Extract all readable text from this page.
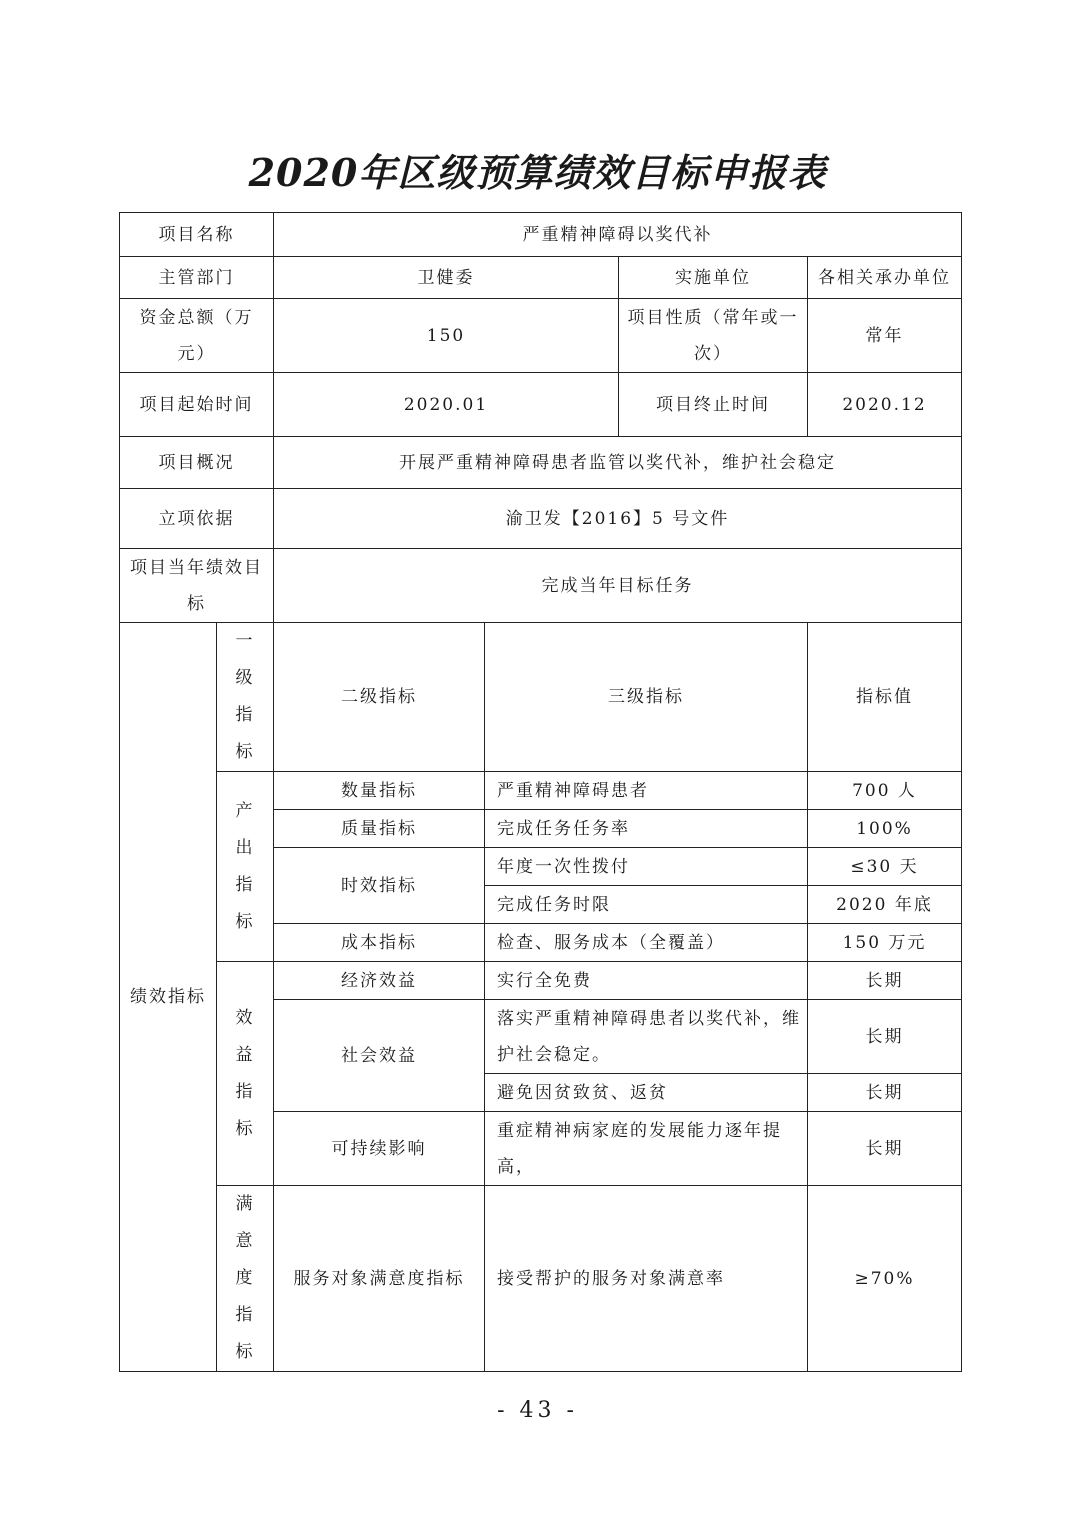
2020年区级预算绩效目标申报表
项目名称		严重精神障碍以奖代补			
主管部门		卫健委		实施单位	各相关承办单位
资金总额（万元）		150		项目性质（常年或一次）	常年
项目起始时间		2020.01		项目终止时间	2020.12
项目概况		开展严重精神障碍患者监管以奖代补，维护社会稳定			
立项依据		渝卫发【2016】5 号文件			
项目当年绩效目标		完成当年目标任务			
绩效指标	一级指标	二级指标	三级指标		指标值
	产出指标	数量指标	严重精神障碍患者		700 人
		质量指标	完成任务任务率		100%
		时效指标	年度一次性拨付		≤30 天
			完成任务时限		2020 年底
		成本指标	检查、服务成本（全覆盖）		150 万元
	效益指标	经济效益	实行全免费		长期
		社会效益	落实严重精神障碍患者以奖代补，维护社会稳定。		长期
			避免因贫致贫、返贫		长期
		可持续影响	重症精神病家庭的发展能力逐年提高，		长期
	满意度指标	服务对象满意度指标	接受帮护的服务对象满意率		≥70%
- 43 -
